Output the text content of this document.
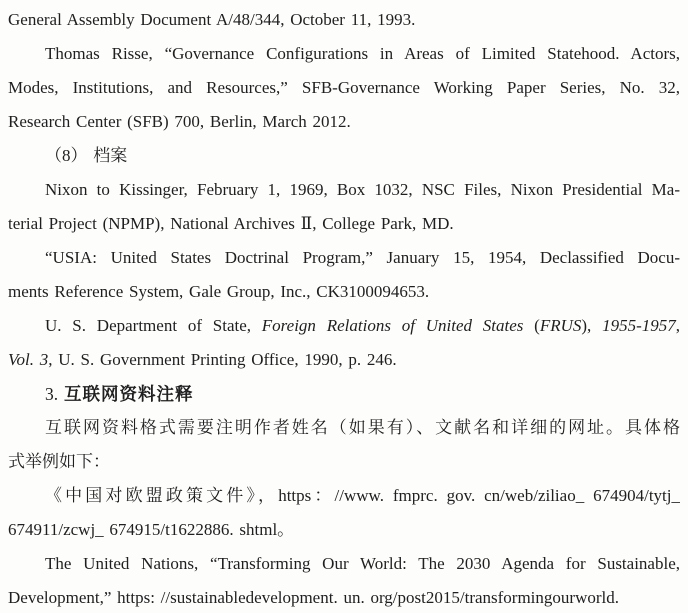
General Assembly Document A/48/344, October 11, 1993.
Thomas Risse, “Governance Configurations in Areas of Limited Statehood. Actors,
Modes, Institutions, and Resources,” SFB-Governance Working Paper Series, No. 32,
Research Center (SFB) 700, Berlin, March 2012.
（8） 档案
Nixon to Kissinger, February 1, 1969, Box 1032, NSC Files, Nixon Presidential Ma-
terial Project (NPMP), National Archives Ⅱ, College Park, MD.
“USIA: United States Doctrinal Program,” January 15, 1954, Declassified Docu-
ments Reference System, Gale Group, Inc., CK3100094653.
U. S. Department of State, Foreign Relations of United States (FRUS), 1955-1957,
Vol. 3, U. S. Government Printing Office, 1990, p. 246.
3. 互联网资料注释
互联网资料格式需要注明作者姓名（如果有）、文献名和详细的网址。具体格
式举例如下：
《中国对欧盟政策文件》，https：//www. fmprc. gov. cn/web/ziliao_ 674904/tytj_
674911/zcwj_ 674915/t1622886. shtml。
The United Nations, “Transforming Our World: The 2030 Agenda for Sustainable,
Development,” https: //sustainabledevelopment. un. org/post2015/transformingourworld.
